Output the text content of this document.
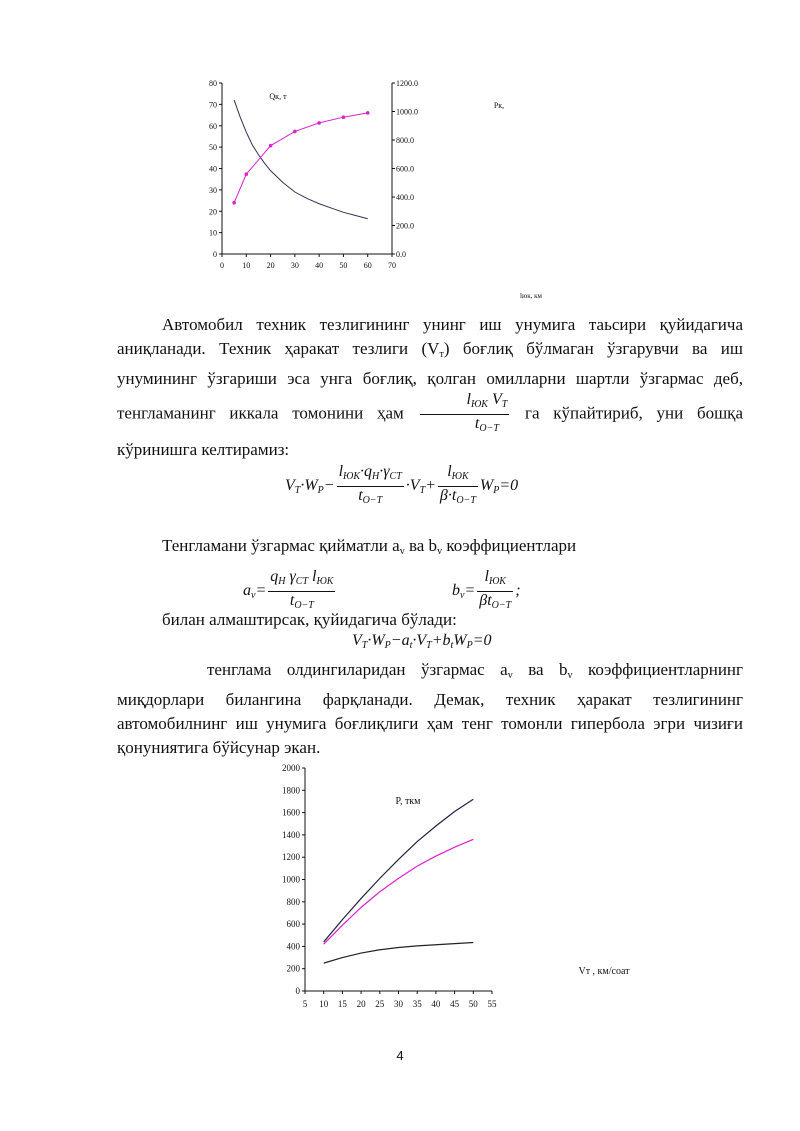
0
10
20
30
40
50
60
70
80
0.0
200.0
400.0
600.0
800.0
1000.0
1200.0
0 10 20 30 40 50 60 70
Qк, т
Pк,
lюк, км

Автомобил техник тезлигининг унинг иш унумига таьсири қуйидагича аниқланади. Техник ҳаракат тезлиги $(V_т)$ боғлиқ бўлмаган ўзгарувчи ва иш унумининг ўзгариши эса унга боғлиқ, қолган омилларни шартли ўзгармас деб, тенгламанинг иккала томонини ҳам $\frac{l_{ЮК} V_Т}{t_{О-Т}}$ га кўпайтириб, уни бошқа кўринишга келтирамиз:

$V_Т\cdot W_Р- \frac{l_{ЮК}\cdot q_Н\cdot\gamma_{СТ}}{t_{О-Т}} \cdot V_Т+ \frac{l_{ЮК}}{\beta\cdot t_{О-Т}} W_Р=0$

Тенгламани ўзгармас қийматли $a_v$ ва $b_v$ коэффициентлари

$a_v= \frac{q_Н \gamma_{СТ} l_{ЮК}}{t_{О-Т}}$	$b_v= \frac{l_{ЮК}}{\beta t_{О-Т}}$ ;

билан алмаштирсак, қуйидагича бўлади:

$V_Т\cdot W_Р-a_t\cdot V_Т+b_tW_Р=0$

тенглама олдингиларидан ўзгармас $a_v$ ва $b_v$ коэффициентларнинг миқдорлари билангина фарқланади. Демак, техник ҳаракат тезлигининг автомобилнинг иш унумига боғлиқлиги ҳам тенг томонли гипербола эгри чизиғи қонуниятига бўйсунар экан.

0
200
400
600
800
1000
1200
1400
1600
1800
2000
5 10 15 20 25 30 35 40 45 50 55
P, ткм
Vт , км/соат
4
